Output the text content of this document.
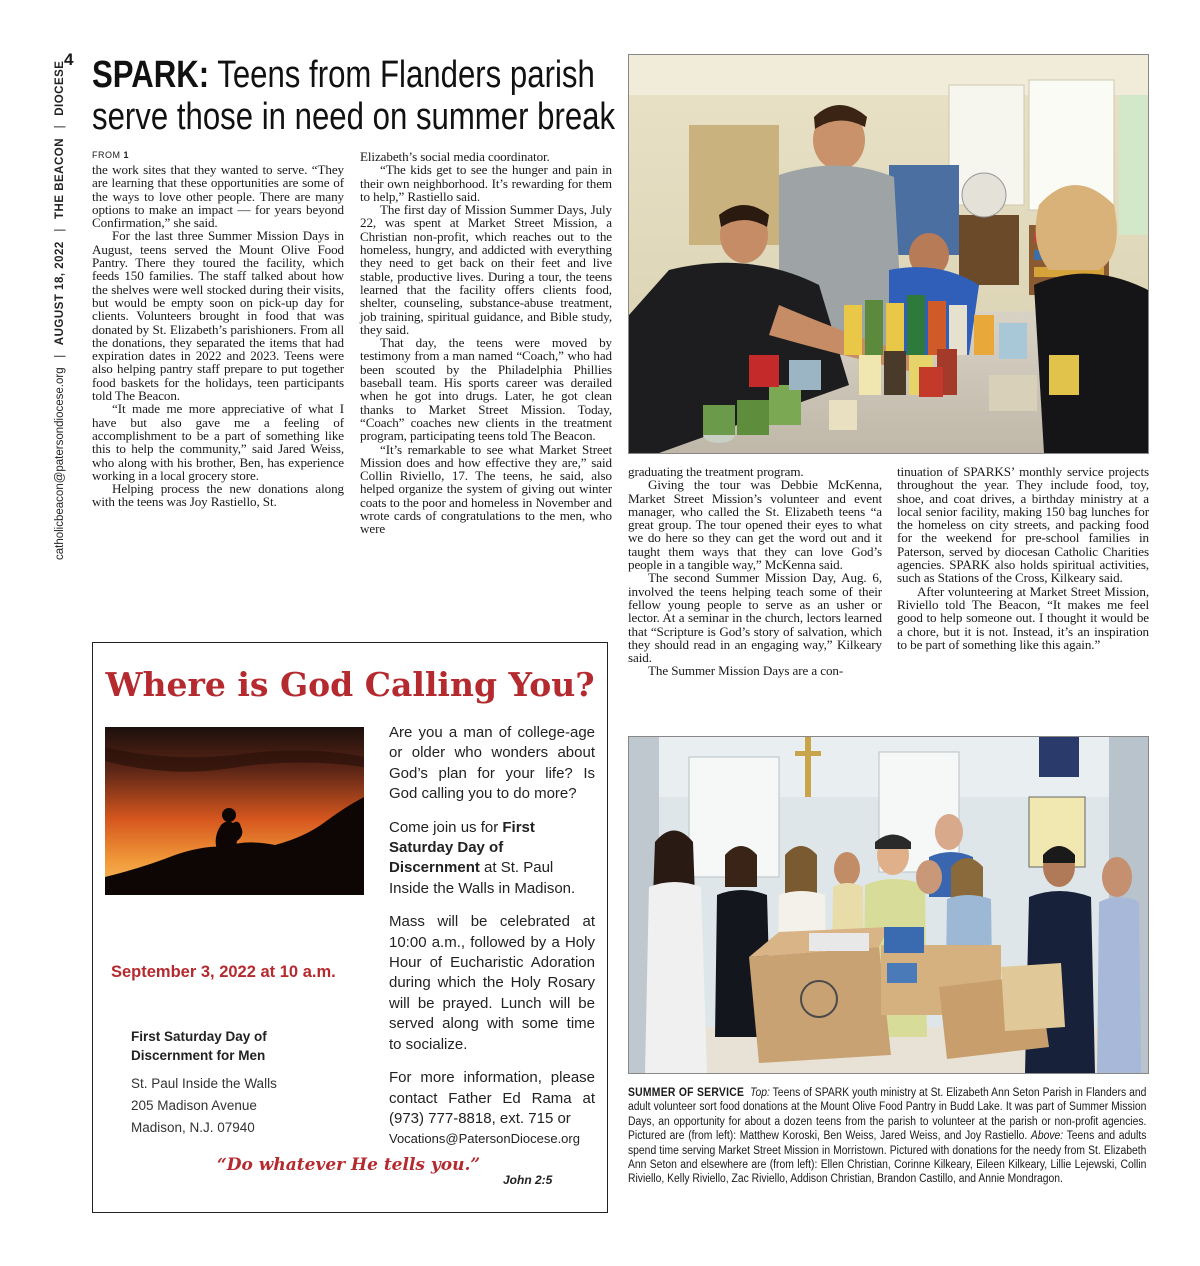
4
catholicbeacon@patersondiocese.org   |   AUGUST 18, 2022   |   THE BEACON   |   DIOCESE SPARK: Teens from Flanders parish
serve those in need on summer break
FROM 1

the work sites that they wanted to serve. “They are learning that these opportunities are some of the ways to love other people. There are many options to make an impact — for years beyond Confirmation,” she said.

For the last three Summer Mission Days in August, teens served the Mount Olive Food Pantry. There they toured the facility, which feeds 150 families. The staff talked about how the shelves were well stocked during their visits, but would be empty soon on pick-up day for clients. Volunteers brought in food that was donated by St. Elizabeth’s parishioners. From all the donations, they separated the items that had expiration dates in 2022 and 2023. Teens were also helping pantry staff prepare to put together food baskets for the holidays, teen participants told The Beacon.

“It made me more appreciative of what I have but also gave me a feeling of accomplishment to be a part of something like this to help the community,” said Jared Weiss, who along with his brother, Ben, has experience working in a local grocery store.

Helping process the new donations along with the teens was Joy Rastiello, St.

Elizabeth’s social media coordinator.

“The kids get to see the hunger and pain in their own neighborhood. It’s rewarding for them to help,” Rastiello said.

The first day of Mission Summer Days, July 22, was spent at Market Street Mission, a Christian non-profit, which reaches out to the homeless, hungry, and addicted with everything they need to get back on their feet and live stable, productive lives. During a tour, the teens learned that the facility offers clients food, shelter, counseling, substance-abuse treatment, job training, spiritual guidance, and Bible study, they said.

That day, the teens were moved by testimony from a man named “Coach,” who had been scouted by the Philadelphia Phillies baseball team. His sports career was derailed when he got into drugs. Later, he got clean thanks to Market Street Mission. Today, “Coach” coaches new clients in the treatment program, participating teens told The Beacon.

“It’s remarkable to see what Market Street Mission does and how effective they are,” said Collin Riviello, 17. The teens, he said, also helped organize the system of giving out winter coats to the poor and homeless in November and wrote cards of congratulations to the men, who were

graduating the treatment program.

Giving the tour was Debbie McKenna, Market Street Mission’s volunteer and event manager, who called the St. Elizabeth teens “a great group. The tour opened their eyes to what we do here so they can get the word out and it taught them ways that they can love God’s people in a tangible way,” McKenna said.

The second Summer Mission Day, Aug. 6, involved the teens helping teach some of their fellow young people to serve as an usher or lector. At a seminar in the church, lectors learned that “Scripture is God’s story of salvation, which they should read in an engaging way,” Kilkeary said.

The Summer Mission Days are a con-

tinuation of SPARKS’ monthly service projects throughout the year. They include food, toy, shoe, and coat drives, a birthday ministry at a local senior facility, making 150 bag lunches for the homeless on city streets, and packing food for the weekend for pre-school families in Paterson, served by diocesan Catholic Charities agencies. SPARK also holds spiritual activities, such as Stations of the Cross, Kilkeary said.

After volunteering at Market Street Mission, Riviello told The Beacon, “It makes me feel good to help someone out. I thought it would be a chore, but it is not. Instead, it’s an inspiration to be part of something like this again.”

SUMMER OF SERVICE Top: Teens of SPARK youth ministry at St. Elizabeth Ann Seton Parish in Flanders and adult volunteer sort food donations at the Mount Olive Food Pantry in Budd Lake. It was part of Summer Mission Days, an opportunity for about a dozen teens from the parish to volunteer at the parish or non-profit agencies. Pictured are (from left): Matthew Koroski, Ben Weiss, Jared Weiss, and Joy Rastiello. Above: Teens and adults spend time serving Market Street Mission in Morristown. Pictured with donations for the needy from St. Elizabeth Ann Seton and elsewhere are (from left): Ellen Christian, Corinne Kilkeary, Eileen Kilkeary, Lillie Lejewski, Collin Riviello, Kelly Riviello, Zac Riviello, Addison Christian, Brandon Castillo, and Annie Mondragon.
Where is God Calling You?
September 3, 2022 at 10 a.m.

Are you a man of college-age or older who wonders about God’s plan for your life? Is God calling you to do more?

Come join us for First Saturday Day of Discernment at St. Paul Inside the Walls in Madison.

Mass will be celebrated at 10:00 a.m., followed by a Holy Hour of Eucharistic Adoration during which the Holy Rosary will be prayed. Lunch will be served along with some time to socialize.

For more information, please contact Father Ed Rama at (973) 777-8818, ext. 715 or

Vocations@PatersonDiocese.org
First Saturday Day of
Discernment for Men
St. Paul Inside the Walls
205 Madison Avenue
Madison, N.J. 07940
“Do whatever He tells you.”
John 2:5
